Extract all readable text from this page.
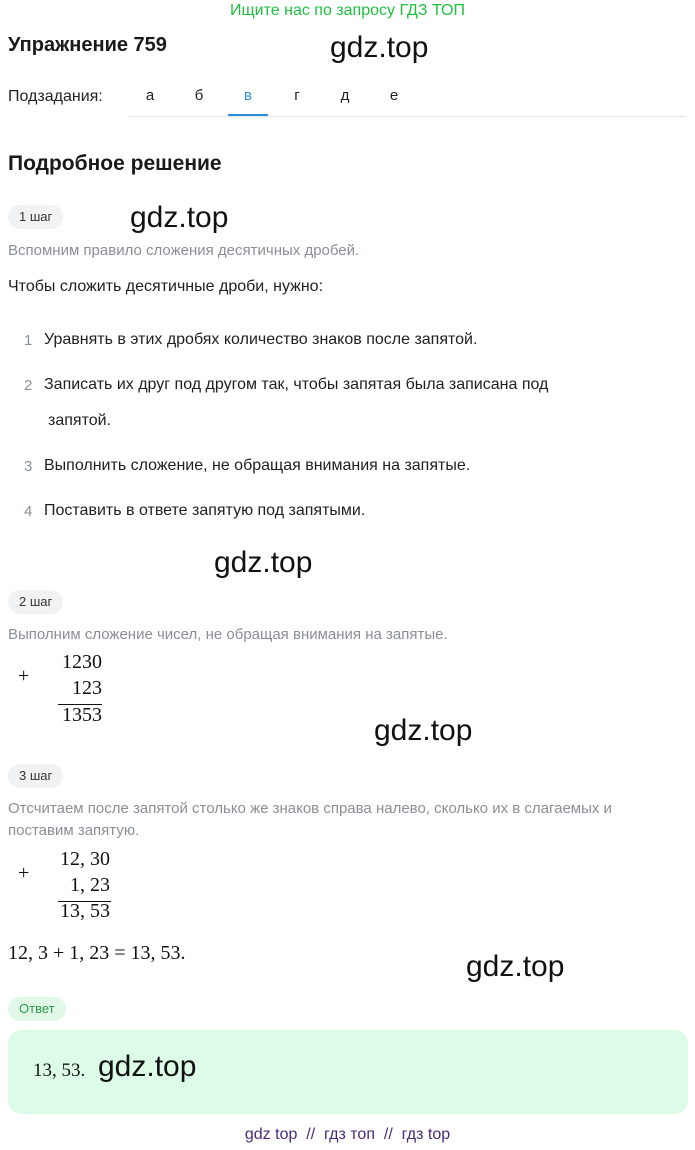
Ищите нас по запросу ГДЗ ТОП
Упражнение 759	gdz.top
Подзадания:	а	б	в	г	д	е
Подробное решение
1 шаг	gdz.top
Вспомним правило сложения десятичных дробей.
Чтобы сложить десятичные дроби, нужно:
1 Уравнять в этих дробях количество знаков после запятой.
2 Записать их друг под другом так, чтобы запятая была записана под
запятой.
3 Выполнить сложение, не обращая внимания на запятые.
4 Поставить в ответе запятую под запятыми.
gdz.top
2 шаг
Выполним сложение чисел, не обращая внимания на запятые.
+
1230
123
1353	gdz.top
3 шаг
Отсчитаем после запятой столько же знаков справа налево, сколько их в слагаемых и
поставим запятую.
+
12, 30
1, 23
13, 53
12, 3 + 1, 23 = 13, 53.	gdz.top
Ответ
13, 53. gdz.top
gdz top  //  гдз топ  //  гдз top
